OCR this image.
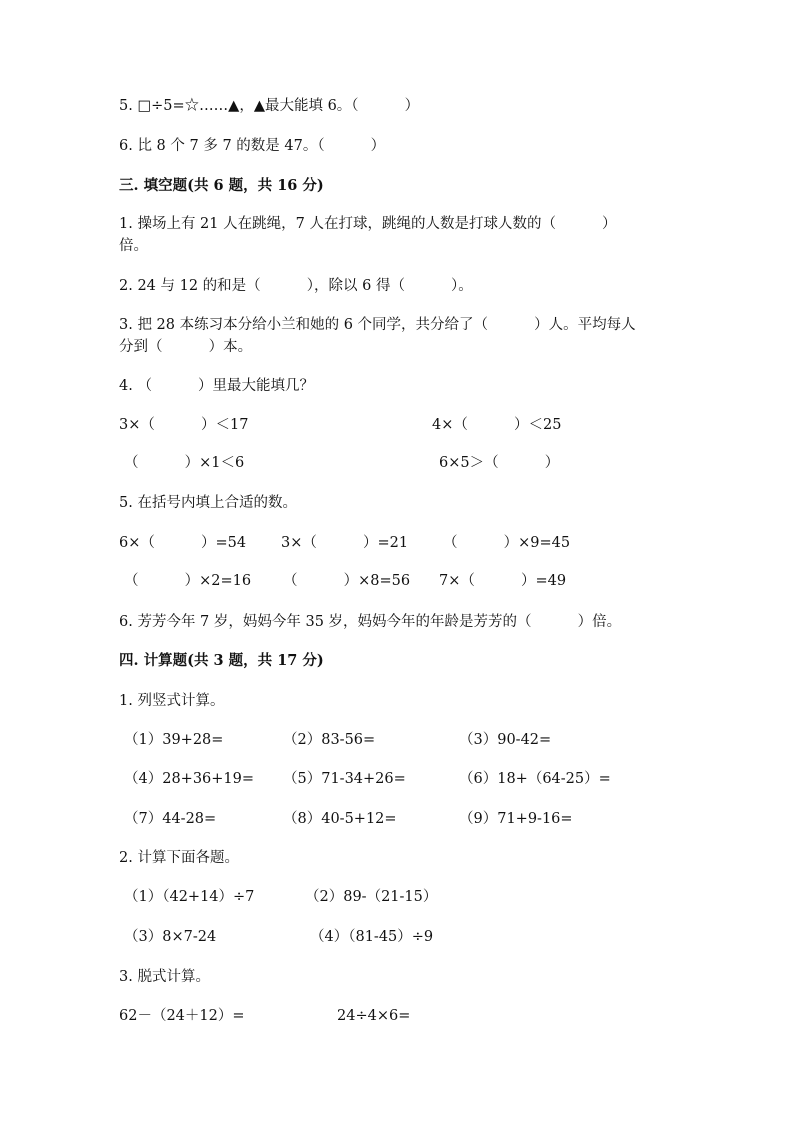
5. □÷5=☆……▲，▲最大能填 6。（          ）
6. 比 8 个 7 多 7 的数是 47。（          ）
三. 填空题(共 6 题，共 16 分)
1. 操场上有 21 人在跳绳，7 人在打球，跳绳的人数是打球人数的（          ）
倍。
2. 24 与 12 的和是（          ），除以 6 得（          ）。
3. 把 28 本练习本分给小兰和她的 6 个同学，共分给了（          ）人。平均每人
分到（          ）本。
4. （          ）里最大能填几？
3×（          ）＜17	4×（          ）＜25
（          ）×1＜6	6×5＞（          ）
5. 在括号内填上合适的数。
6×（          ）=54 3×（          ）=21 （          ）×9=45
（          ）×2=16 （          ）×8=56 7×（          ）=49
6. 芳芳今年 7 岁，妈妈今年 35 岁，妈妈今年的年龄是芳芳的（          ）倍。
四. 计算题(共 3 题，共 17 分)
1. 列竖式计算。
（1）39+28=	（2）83-56=	（3）90-42=
（4）28+36+19= （5）71-34+26=	（6）18+（64-25）=
（7）44-28=	（8）40-5+12=	（9）71+9-16=
2. 计算下面各题。
（1）（42+14）÷7	（2）89-（21-15）
（3）8×7-24	（4）（81-45）÷9
3. 脱式计算。
62－（24＋12）=	24÷4×6=
